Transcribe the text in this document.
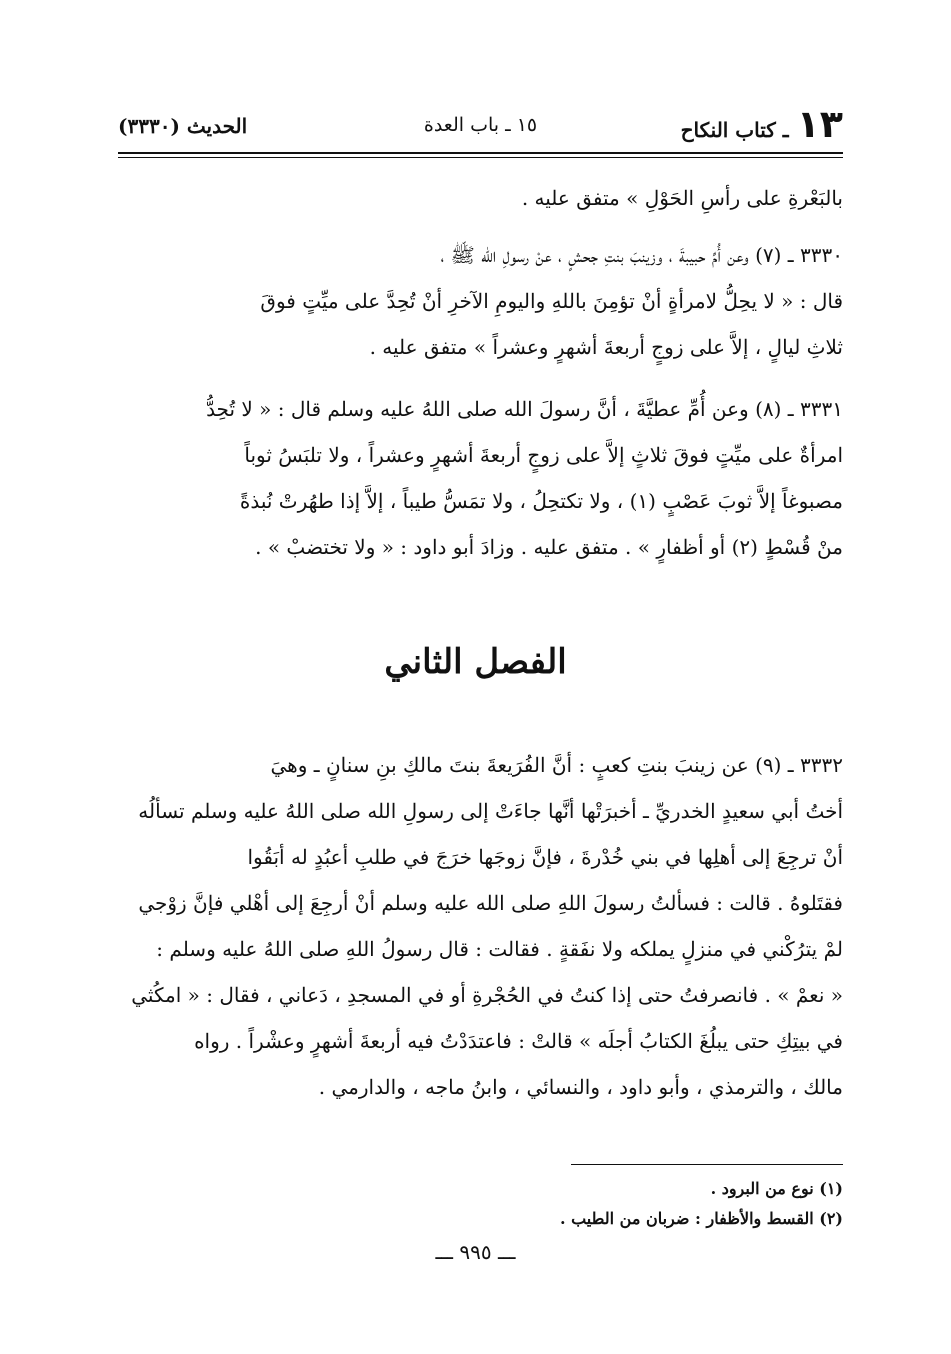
١٣
ـ كتاب النكاح
١٥ ـ باب العدة
الحديث (٣٣٣٠)
بالبَعْرةِ على رأسِ الحَوْلِ » متفق عليه .
٣٣٣٠ ـ (٧) وعن أُمِّ حبيبةَ ، وزينبَ بنتِ جحشٍ ، عنْ رسولِ الله ﷺ ،
قال : « لا يحِلُّ لامرأةٍ أنْ تؤمِنَ باللهِ واليومِ الآخرِ أنْ تُحِدَّ على ميِّتٍ فوقَ
ثلاثِ ليالٍ ، إلاَّ على زوجٍ أربعةَ أشهرٍ وعشراً » متفق عليه .
٣٣٣١ ـ (٨) وعن أُمِّ عطيَّةَ ، أنَّ رسولَ الله صلى اللهُ عليه وسلم قال : « لا تُحِدُّ
امرأةٌ على ميِّتٍ فوقَ ثلاثٍ إلاَّ على زوجٍ أربعةَ أشهرٍ وعشراً ، ولا تلبَسُ ثوباً
مصبوغاً إلاَّ ثوبَ عَصْبٍ (١) ، ولا تكتحِلُ ، ولا تمَسُّ طيباً ، إلاَّ إذا طهُرتْ نُبذةً
منْ قُسْطٍ (٢) أو أظفارٍ » . متفق عليه . وزادَ أبو داود : « ولا تختضبْ » .
الفصل الثاني
٣٣٣٢ ـ (٩) عن زينبَ بنتِ كعبٍ : أنَّ الفُرَيعةَ بنتَ مالكِ بنِ سنانٍ ـ وهيَ
أختُ أبي سعيدٍ الخدريِّ ـ أخبرَتْها أنَّها جاءَتْ إلى رسولِ الله صلى اللهُ عليه وسلم تسألُه
أنْ ترجِعَ إلى أهلِها في بني خُدْرةَ ، فإنَّ زوجَها خرَجَ في طلبِ أعبُدٍ له أبَقُوا
فقتَلوهُ . قالت : فسألتُ رسولَ اللهِ صلى الله عليه وسلم أنْ أرجِعَ إلى أهْلي فإنَّ زوْجي
لمْ يترُكْني في منزلٍ يملكه ولا نفَقةٍ . فقالت : قال رسولُ اللهِ صلى اللهُ عليه وسلم :
« نعمْ » . فانصرفتُ حتى إذا كنتُ في الحُجْرةِ أو في المسجدِ ، دَعاني ، فقال : « امكُثي
في بيتِكِ حتى يبلُغَ الكتابُ أجلَه » قالتْ : فاعتدَدْتُ فيه أربعةَ أشهرٍ وعشْراً . رواه
مالك ، والترمذي ، وأبو داود ، والنسائي ، وابنُ ماجه ، والدارمي .
(١) نوع من البرود .
(٢) القسط والأظفار : ضربان من الطيب .
ـــ ٩٩٥ ـــ
